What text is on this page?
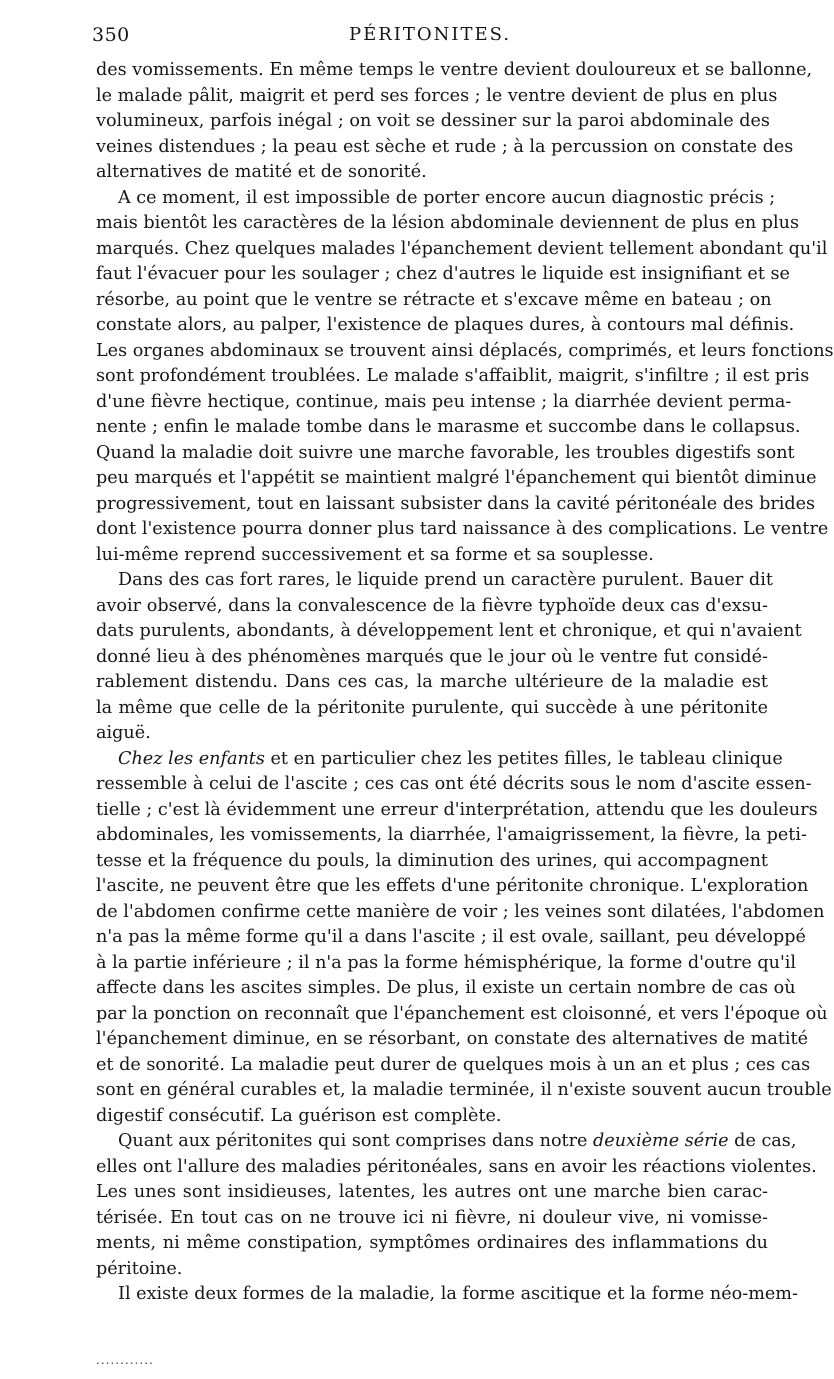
350	PÉRITONITES.
des vomissements. En même temps le ventre devient douloureux et se ballonne,
le malade pâlit, maigrit et perd ses forces ; le ventre devient de plus en plus
volumineux, parfois inégal ; on voit se dessiner sur la paroi abdominale des
veines distendues ; la peau est sèche et rude ; à la percussion on constate des
alternatives de matité et de sonorité.
A ce moment, il est impossible de porter encore aucun diagnostic précis ;
mais bientôt les caractères de la lésion abdominale deviennent de plus en plus
marqués. Chez quelques malades l'épanchement devient tellement abondant qu'il
faut l'évacuer pour les soulager ; chez d'autres le liquide est insignifiant et se
résorbe, au point que le ventre se rétracte et s'excave même en bateau ; on
constate alors, au palper, l'existence de plaques dures, à contours mal définis.
Les organes abdominaux se trouvent ainsi déplacés, comprimés, et leurs fonctions
sont profondément troublées. Le malade s'affaiblit, maigrit, s'infiltre ; il est pris
d'une fièvre hectique, continue, mais peu intense ; la diarrhée devient perma-
nente ; enfin le malade tombe dans le marasme et succombe dans le collapsus.
Quand la maladie doit suivre une marche favorable, les troubles digestifs sont
peu marqués et l'appétit se maintient malgré l'épanchement qui bientôt diminue
progressivement, tout en laissant subsister dans la cavité péritonéale des brides
dont l'existence pourra donner plus tard naissance à des complications. Le ventre
lui-même reprend successivement et sa forme et sa souplesse.
Dans des cas fort rares, le liquide prend un caractère purulent. Bauer dit
avoir observé, dans la convalescence de la fièvre typhoïde deux cas d'exsu-
dats purulents, abondants, à développement lent et chronique, et qui n'avaient
donné lieu à des phénomènes marqués que le jour où le ventre fut considé-
rablement distendu. Dans ces cas, la marche ultérieure de la maladie est
la même que celle de la péritonite purulente, qui succède à une péritonite
aiguë.
Chez les enfants et en particulier chez les petites filles, le tableau clinique
ressemble à celui de l'ascite ; ces cas ont été décrits sous le nom d'ascite essen-
tielle ; c'est là évidemment une erreur d'interprétation, attendu que les douleurs
abdominales, les vomissements, la diarrhée, l'amaigrissement, la fièvre, la peti-
tesse et la fréquence du pouls, la diminution des urines, qui accompagnent
l'ascite, ne peuvent être que les effets d'une péritonite chronique. L'exploration
de l'abdomen confirme cette manière de voir ; les veines sont dilatées, l'abdomen
n'a pas la même forme qu'il a dans l'ascite ; il est ovale, saillant, peu développé
à la partie inférieure ; il n'a pas la forme hémisphérique, la forme d'outre qu'il
affecte dans les ascites simples. De plus, il existe un certain nombre de cas où
par la ponction on reconnaît que l'épanchement est cloisonné, et vers l'époque où
l'épanchement diminue, en se résorbant, on constate des alternatives de matité
et de sonorité. La maladie peut durer de quelques mois à un an et plus ; ces cas
sont en général curables et, la maladie terminée, il n'existe souvent aucun trouble
digestif consécutif. La guérison est complète.
Quant aux péritonites qui sont comprises dans notre deuxième série de cas,
elles ont l'allure des maladies péritonéales, sans en avoir les réactions violentes.
Les unes sont insidieuses, latentes, les autres ont une marche bien carac-
térisée. En tout cas on ne trouve ici ni fièvre, ni douleur vive, ni vomisse-
ments, ni même constipation, symptômes ordinaires des inflammations du
péritoine.
Il existe deux formes de la maladie, la forme ascitique et la forme néo-mem-
............
